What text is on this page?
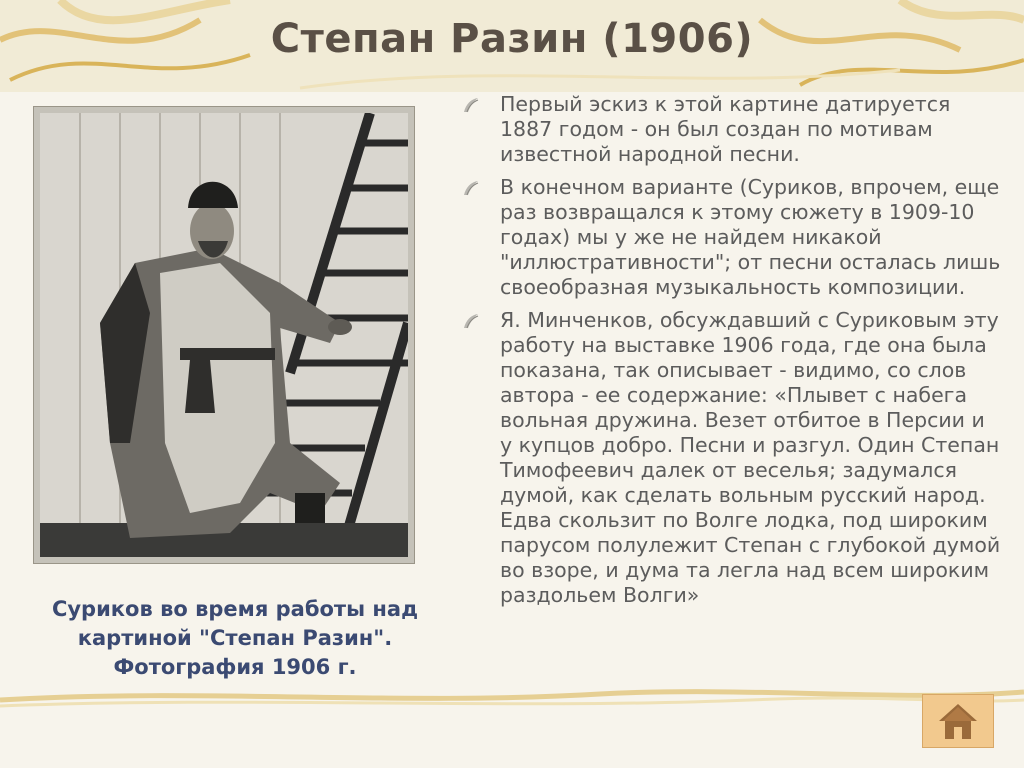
Степан Разин (1906)
Суриков во время работы над картиной "Степан Разин". Фотография 1906 г.
Первый эскиз к этой картине датируется 1887 годом - он был создан по мотивам известной народной песни.
В конечном варианте (Суриков, впрочем, еще раз возвращался к этому сюжету в 1909-10 годах) мы у же не найдем никакой "иллюстративности"; от песни осталась лишь своеобразная музыкальность композиции.
Я. Минченков, обсуждавший с Суриковым эту работу на выставке 1906 года, где она была показана, так описывает - видимо, со слов автора - ее содержание: «Плывет с набега вольная дружина. Везет отбитое в Персии и у купцов добро. Песни и разгул. Один Степан Тимофеевич далек от веселья; задумался думой, как сделать вольным русский народ. Едва скользит по Волге лодка, под широким парусом полулежит Степан с глубокой думой во взоре, и дума та легла над всем широким раздольем Волги»
